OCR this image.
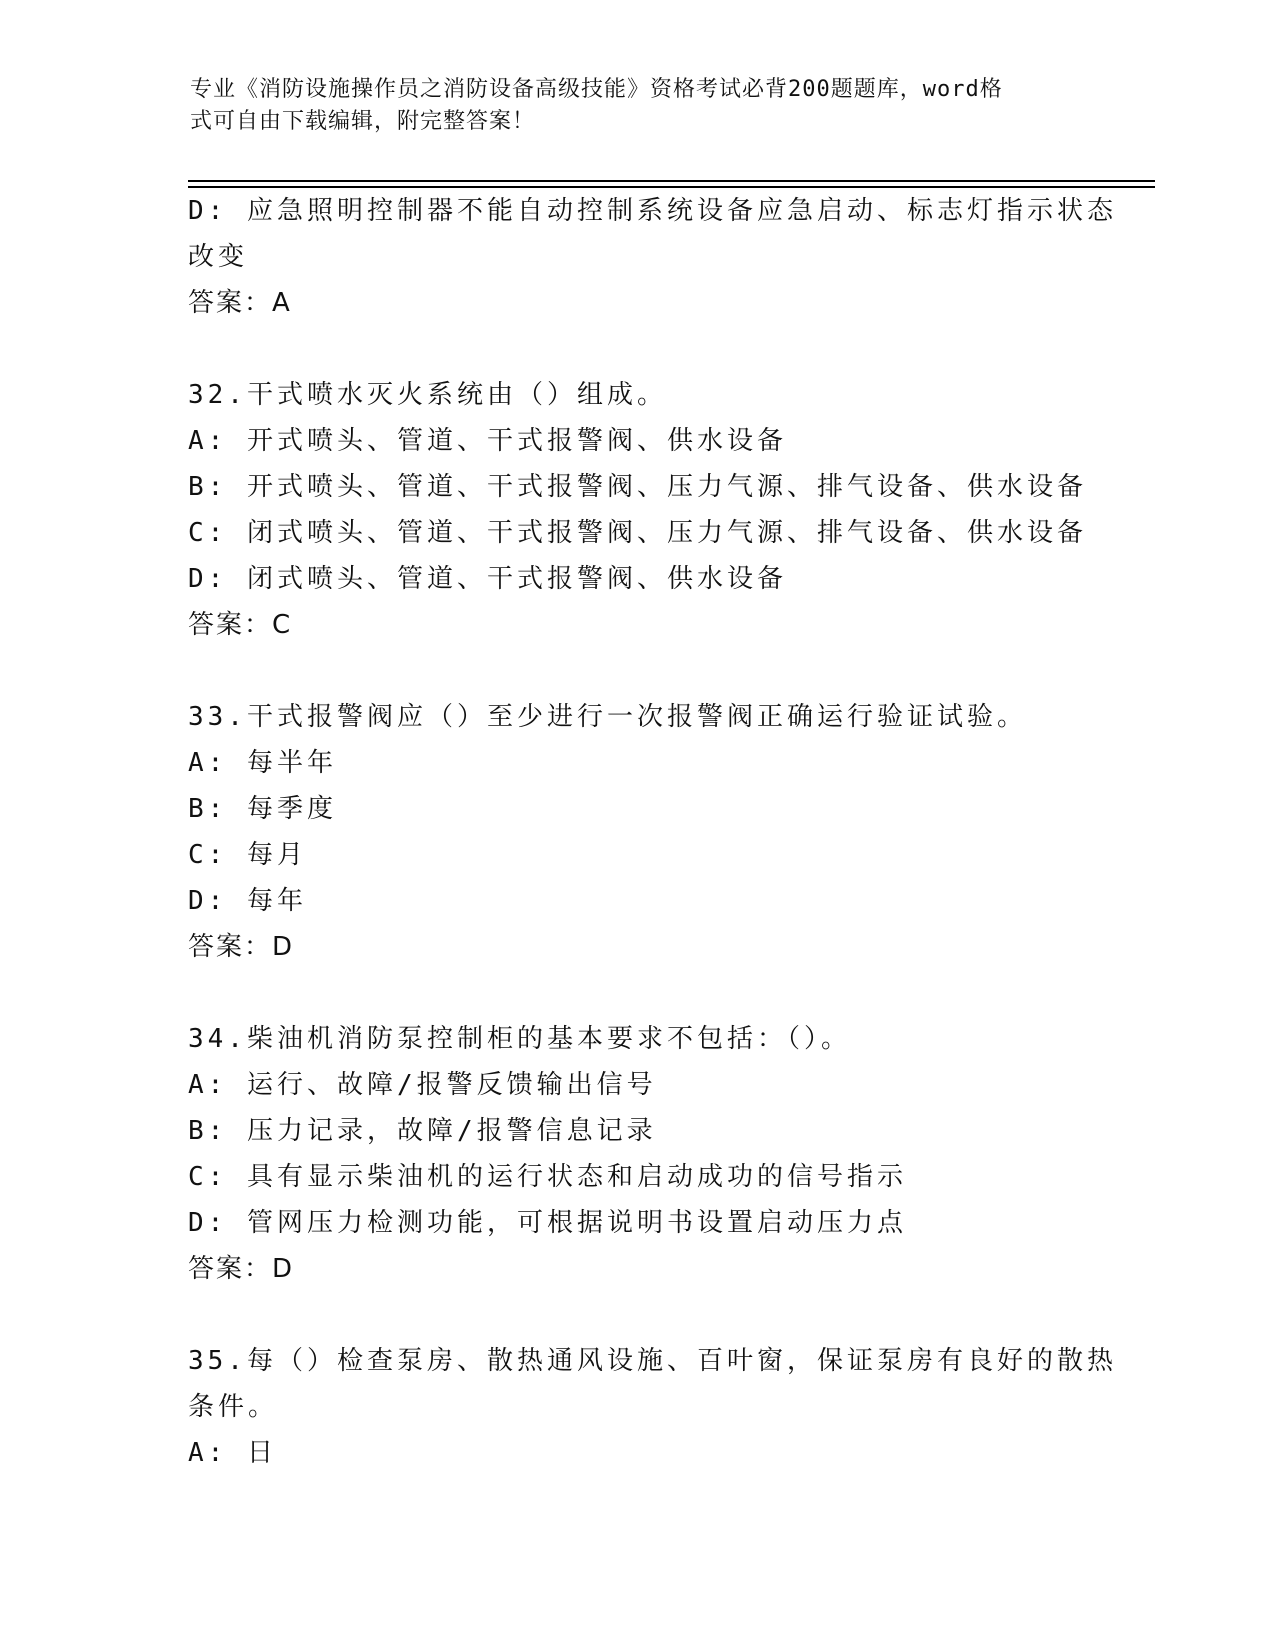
专业《消防设施操作员之消防设备高级技能》资格考试必背200题题库，word格
式可自由下载编辑，附完整答案！
D: 应急照明控制器不能自动控制系统设备应急启动、标志灯指示状态
改变
答案：A
32.干式喷水灭火系统由（）组成。
A: 开式喷头、管道、干式报警阀、供水设备
B: 开式喷头、管道、干式报警阀、压力气源、排气设备、供水设备
C: 闭式喷头、管道、干式报警阀、压力气源、排气设备、供水设备
D: 闭式喷头、管道、干式报警阀、供水设备
答案：C
33.干式报警阀应（）至少进行一次报警阀正确运行验证试验。
A: 每半年
B: 每季度
C: 每月
D: 每年
答案：D
34.柴油机消防泵控制柜的基本要求不包括：（）。
A: 运行、故障/报警反馈输出信号
B: 压力记录，故障/报警信息记录
C: 具有显示柴油机的运行状态和启动成功的信号指示
D: 管网压力检测功能，可根据说明书设置启动压力点
答案：D
35.每（）检查泵房、散热通风设施、百叶窗，保证泵房有良好的散热
条件。
A: 日
